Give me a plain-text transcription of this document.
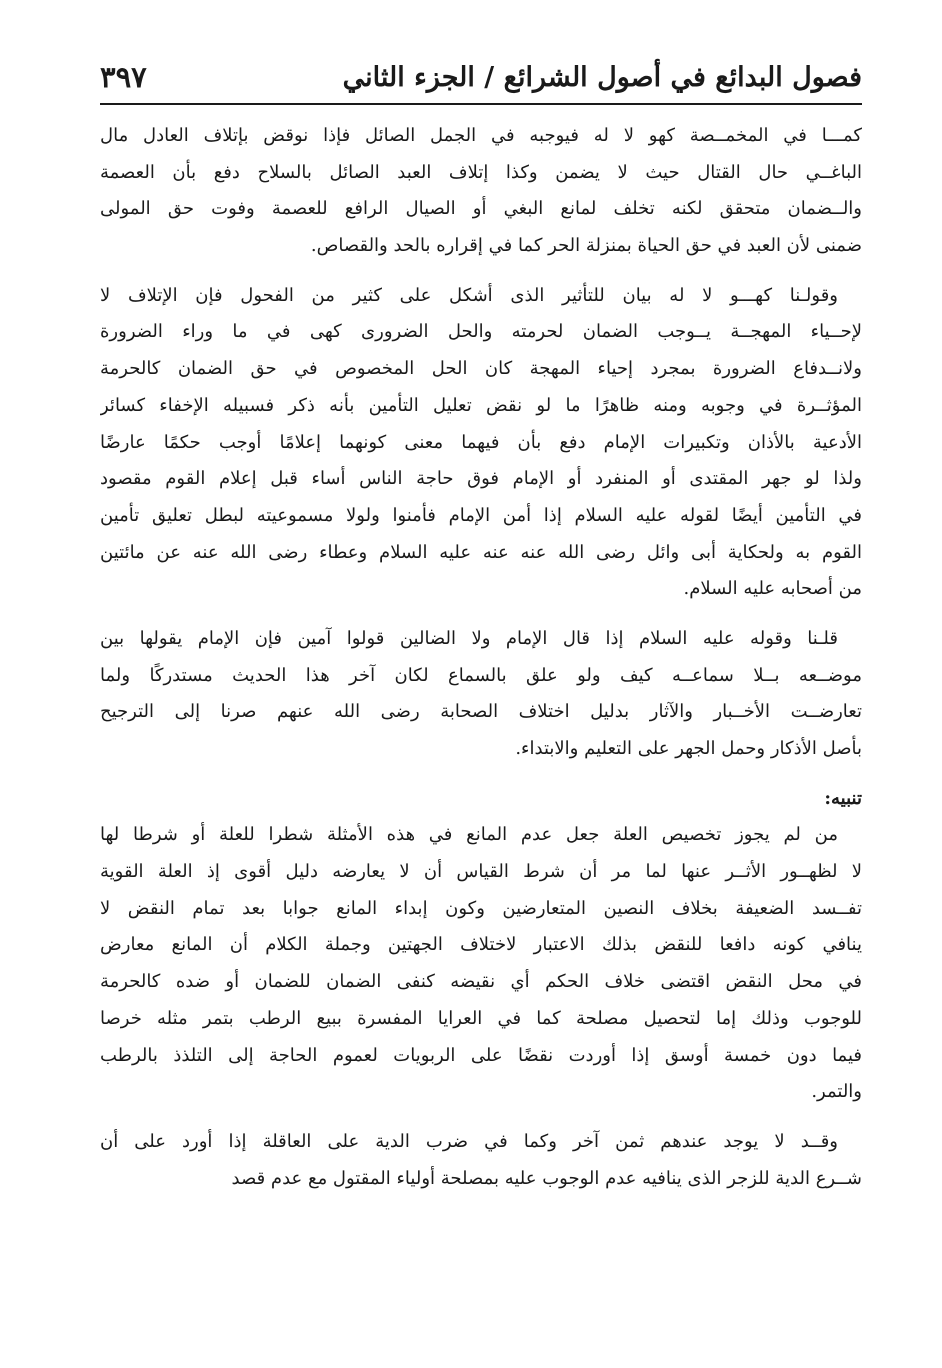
فصول البدائع في أصول الشرائع / الجزء الثاني
٣٩٧
كمـــا في المخمــصة كهو لا له فيوجبه في الجمل الصائل فإذا نوقض بإتلاف العادل مال
الباغــي حال القتال حيث لا يضمن وكذا إتلاف العبد الصائل بالسلاح دفع بأن العصمة
والــضمان متحقق لكنه تخلف لمانع البغي أو الصيال الرافع للعصمة وفوت حق المولى
ضمنى لأن العبد في حق الحياة بمنزلة الحر كما في إقراره بالحد والقصاص.
وقولـنا كهـــو لا له بيان للتأثير الذى أشكل على كثير من الفحول فإن الإتلاف لا
لإحــياء المهجــة يــوجب الضمان لحرمته والحل الضرورى كهى في ما وراء الضرورة
ولانــدفاع الضرورة بمجرد إحياء المهجة كان الحل المخصوص في حق الضمان كالحرمة
المؤثــرة في وجوبه ومنه ظاهرًا ما لو نقض تعليل التأمين بأنه ذكر فسبيله الإخفاء كسائر
الأدعية بالأذان وتكبيرات الإمام دفع بأن فيهما معنى كونهما إعلامًا أوجب حكمًا عارضًا
ولذا لو جهر المقتدى أو المنفرد أو الإمام فوق حاجة الناس أساء قبل إعلام القوم مقصود
في التأمين أيضًا لقوله عليه السلام إذا أمن الإمام فأمنوا ولولا مسموعيته لبطل تعليق تأمين
القوم به ولحكاية أبى وائل رضى الله عنه عنه عليه السلام وعطاء رضى الله عنه عن مائتين
من أصحابه عليه السلام.
قلـنا وقوله عليه السلام إذا قال الإمام ولا الضالين قولوا آمين فإن الإمام يقولها بين
موضــعه بــلا سماعــه كيف ولو علق بالسماع لكان آخر هذا الحديث مستدركًا ولما
تعارضــت الأخــبار والآثار بدليل اختلاف الصحابة رضى الله عنهم صرنا إلى الترجيح
بأصل الأذكار وحمل الجهر على التعليم والابتداء.
تنبيه:
من لم يجوز تخصيص العلة جعل عدم المانع في هذه الأمثلة شطرا للعلة أو شرطا لها
لا لظهــور الأثــر عنها لما مر أن شرط القياس أن لا يعارضه دليل أقوى إذ العلة القوية
تفــسد الضعيفة بخلاف النصين المتعارضين وكون إبداء المانع جوابا بعد تمام النقض لا
ينافي كونه دافعا للنقض بذلك الاعتبار لاختلاف الجهتين وجملة الكلام أن المانع معارض
في محل النقض اقتضى خلاف الحكم أي نقيضه كنفى الضمان للضمان أو ضده كالحرمة
للوجوب وذلك إما لتحصيل مصلحة كما في العرايا المفسرة ببيع الرطب بتمر مثله خرصا
فيما دون خمسة أوسق إذا أوردت نقضًا على الربويات لعموم الحاجة إلى التلذذ بالرطب
والتمر.
وقــد لا يوجد عندهم ثمن آخر وكما في ضرب الدية على العاقلة إذا أورد على أن
شــرع الدية للزجر الذى ينافيه عدم الوجوب عليه بمصلحة أولياء المقتول مع عدم قصد
